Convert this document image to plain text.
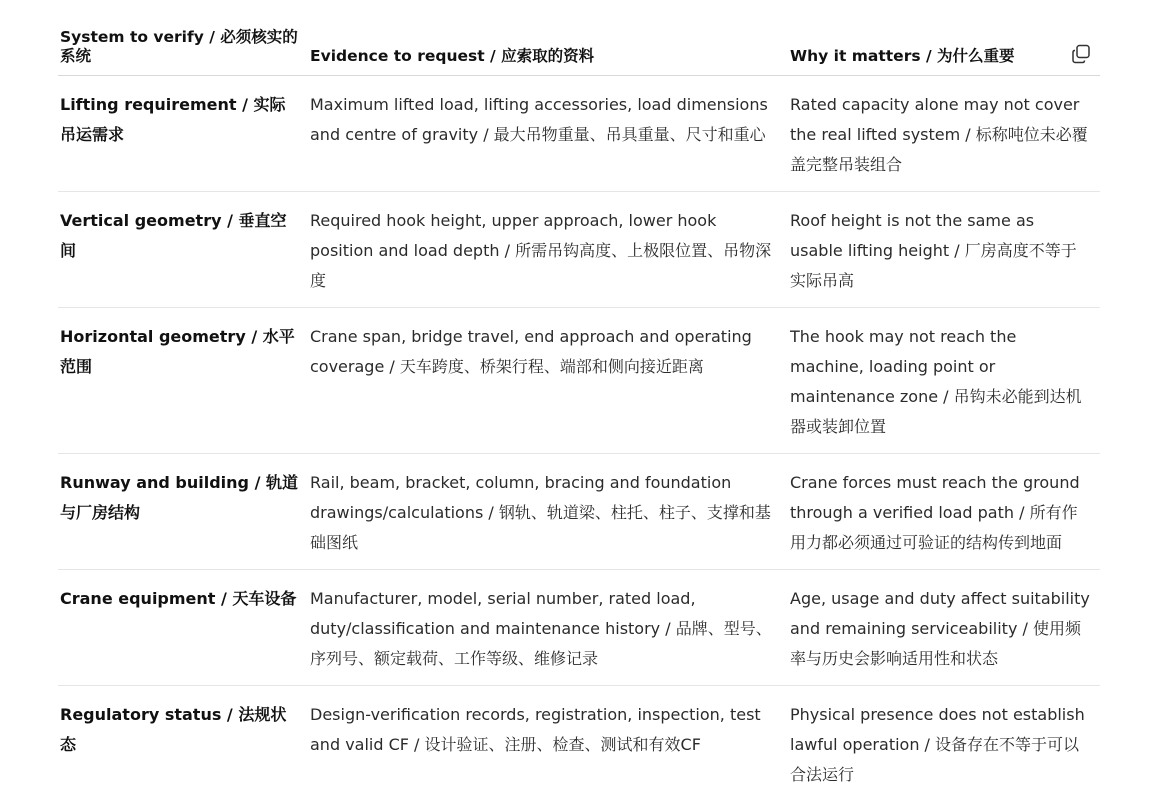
System to verify / 必须核实的系统	Evidence to request / 应索取的资料	Why it matters / 为什么重要

Lifting requirement / 实际吊运需求	Maximum lifted load, lifting accessories, load dimensions and centre of gravity / 最大吊物重量、吊具重量、尺寸和重心	Rated capacity alone may not cover the real lifted system / 标称吨位未必覆盖完整吊装组合
Vertical geometry / 垂直空间	Required hook height, upper approach, lower hook position and load depth / 所需吊钩高度、上极限位置、吊物深度	Roof height is not the same as usable lifting height / 厂房高度不等于实际吊高
Horizontal geometry / 水平范围	Crane span, bridge travel, end approach and operating coverage / 天车跨度、桥架行程、端部和侧向接近距离	The hook may not reach the machine, loading point or maintenance zone / 吊钩未必能到达机器或装卸位置
Runway and building / 轨道与厂房结构	Rail, beam, bracket, column, bracing and foundation drawings/calculations / 钢轨、轨道梁、柱托、柱子、支撑和基础图纸	Crane forces must reach the ground through a verified load path / 所有作用力都必须通过可验证的结构传到地面
Crane equipment / 天车设备	Manufacturer, model, serial number, rated load, duty/classification and maintenance history / 品牌、型号、序列号、额定载荷、工作等级、维修记录	Age, usage and duty affect suitability and remaining serviceability / 使用频率与历史会影响适用性和状态
Regulatory status / 法规状态	Design-verification records, registration, inspection, test and valid CF / 设计验证、注册、检查、测试和有效CF	Physical presence does not establish lawful operation / 设备存在不等于可以合法运行
